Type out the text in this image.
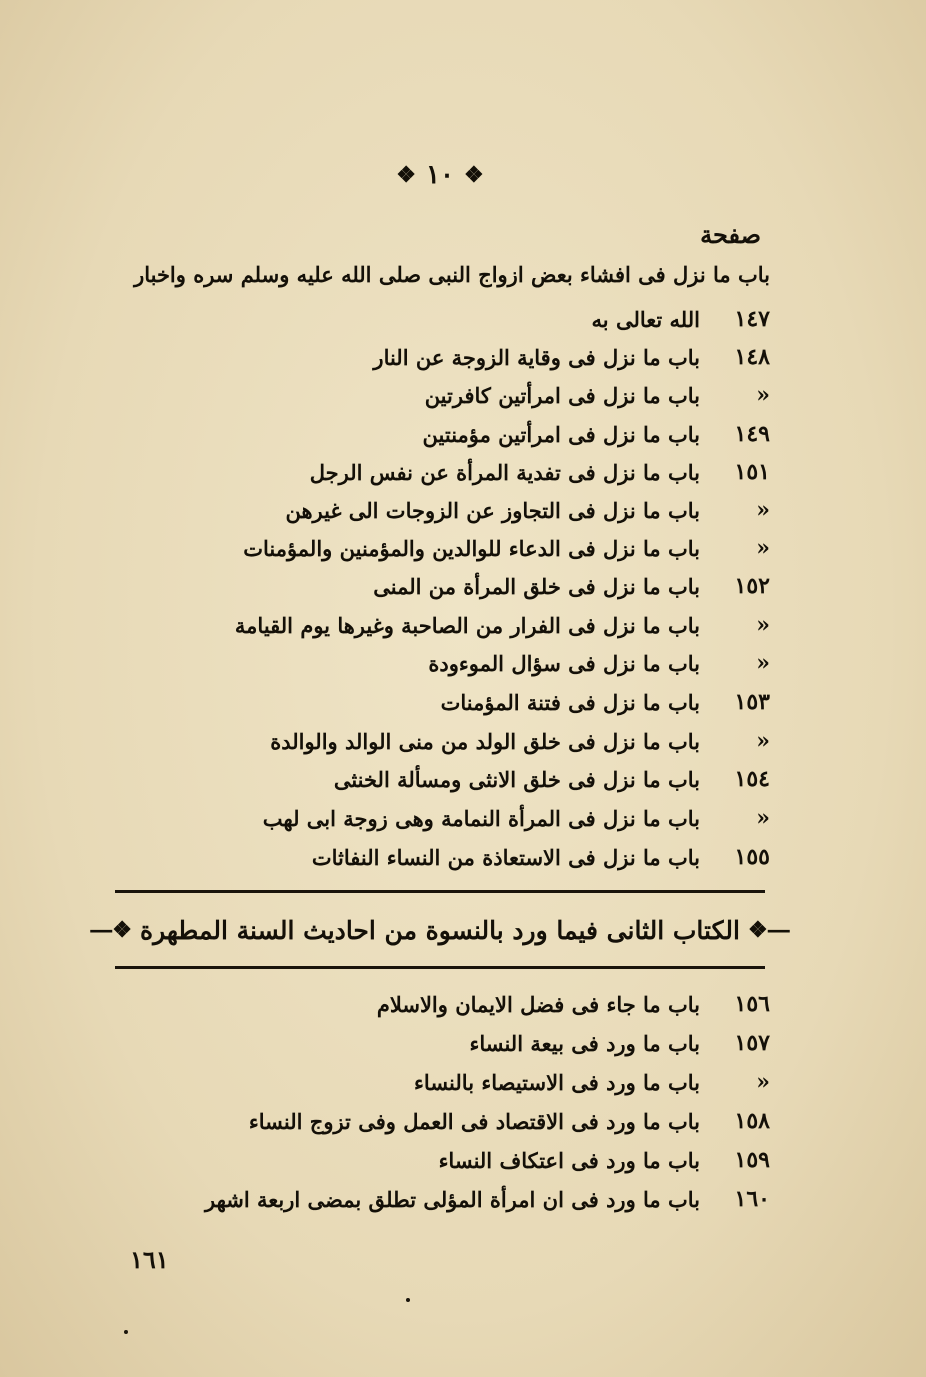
❖ ١٠ ❖
صفحة
باب ما نزل فى افشاء بعض ازواج النبى صلى الله عليه وسلم سره واخبار
١٤٧
الله تعالى به
١٤٨
باب ما نزل فى وقاية الزوجة عن النار
«
باب ما نزل فى امرأتين كافرتين
١٤٩
باب ما نزل فى امرأتين مؤمنتين
١٥١
باب ما نزل فى تفدية المرأة عن نفس الرجل
«
باب ما نزل فى التجاوز عن الزوجات الى غيرهن
«
باب ما نزل فى الدعاء للوالدين والمؤمنين والمؤمنات
١٥٢
باب ما نزل فى خلق المرأة من المنى
«
باب ما نزل فى الفرار من الصاحبة وغيرها يوم القيامة
«
باب ما نزل فى سؤال الموءودة
١٥٣
باب ما نزل فى فتنة المؤمنات
«
باب ما نزل فى خلق الولد من منى الوالد والوالدة
١٥٤
باب ما نزل فى خلق الانثى ومسألة الخنثى
«
باب ما نزل فى المرأة النمامة وهى زوجة ابى لهب
١٥٥
باب ما نزل فى الاستعاذة من النساء النفاثات
―❖
الكتاب الثانى فيما ورد بالنسوة من احاديث السنة المطهرة
❖―
١٥٦
باب ما جاء فى فضل الايمان والاسلام
١٥٧
باب ما ورد فى بيعة النساء
«
باب ما ورد فى الاستيصاء بالنساء
١٥٨
باب ما ورد فى الاقتصاد فى العمل وفى تزوج النساء
١٥٩
باب ما ورد فى اعتكاف النساء
١٦٠
باب ما ورد فى ان امرأة المؤلى تطلق بمضى اربعة اشهر
١٦١
